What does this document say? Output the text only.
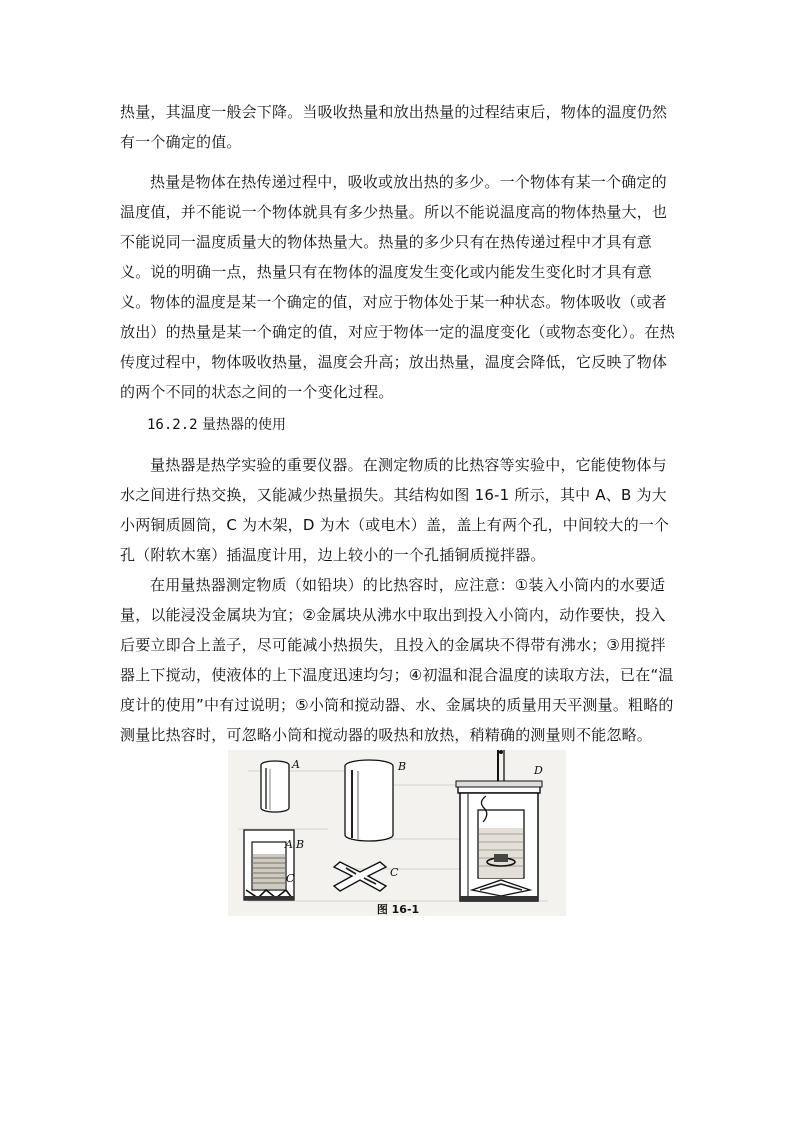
热量，其温度一般会下降。当吸收热量和放出热量的过程结束后，物体的温度仍然有一个确定的值。

热量是物体在热传递过程中，吸收或放出热的多少。一个物体有某一个确定的温度值，并不能说一个物体就具有多少热量。所以不能说温度高的物体热量大，也不能说同一温度质量大的物体热量大。热量的多少只有在热传递过程中才具有意义。说的明确一点，热量只有在物体的温度发生变化或内能发生变化时才具有意义。 物体的温度是某一个确定的值，对应于物体处于某一种状态。物体吸收（或者放出）的热量是某一个确定的值，对应于物体一定的温度变化（或物态变化）。在热传度过程中，物体吸收热量，温度会升高；放出热量，温度会降低，它反映了物体的两个不同的状态之间的一个变化过程。

16.2.2 量热器的使用

量热器是热学实验的重要仪器。在测定物质的比热容等实验中，它能使物体与水之间进行热交换，又能减少热量损失。其结构如图 16-1 所示，其中 A、B 为大小两铜质圆筒，C 为木架，D 为木（或电木）盖，盖上有两个孔，中间较大的一个孔（附软木塞）插温度计用，边上较小的一个孔插铜质搅拌器。

在用量热器测定物质（如铅块）的比热容时，应注意：①装入小筒内的水要适量，以能浸没金属块为宜；②金属块从沸水中取出到投入小筒内，动作要快，投入后要立即合上盖子，尽可能减小热损失，且投入的金属块不得带有沸水；③用搅拌器上下搅动，使液体的上下温度迅速均匀；④初温和混合温度的读取方法，已在“温度计的使用”中有过说明；⑤小筒和搅动器、水、金属块的质量用天平测量。粗略的测量比热容时，可忽略小筒和搅动器的吸热和放热，稍精确的测量则不能忽略。

A	B
A B
C	C
D
图 16-1
